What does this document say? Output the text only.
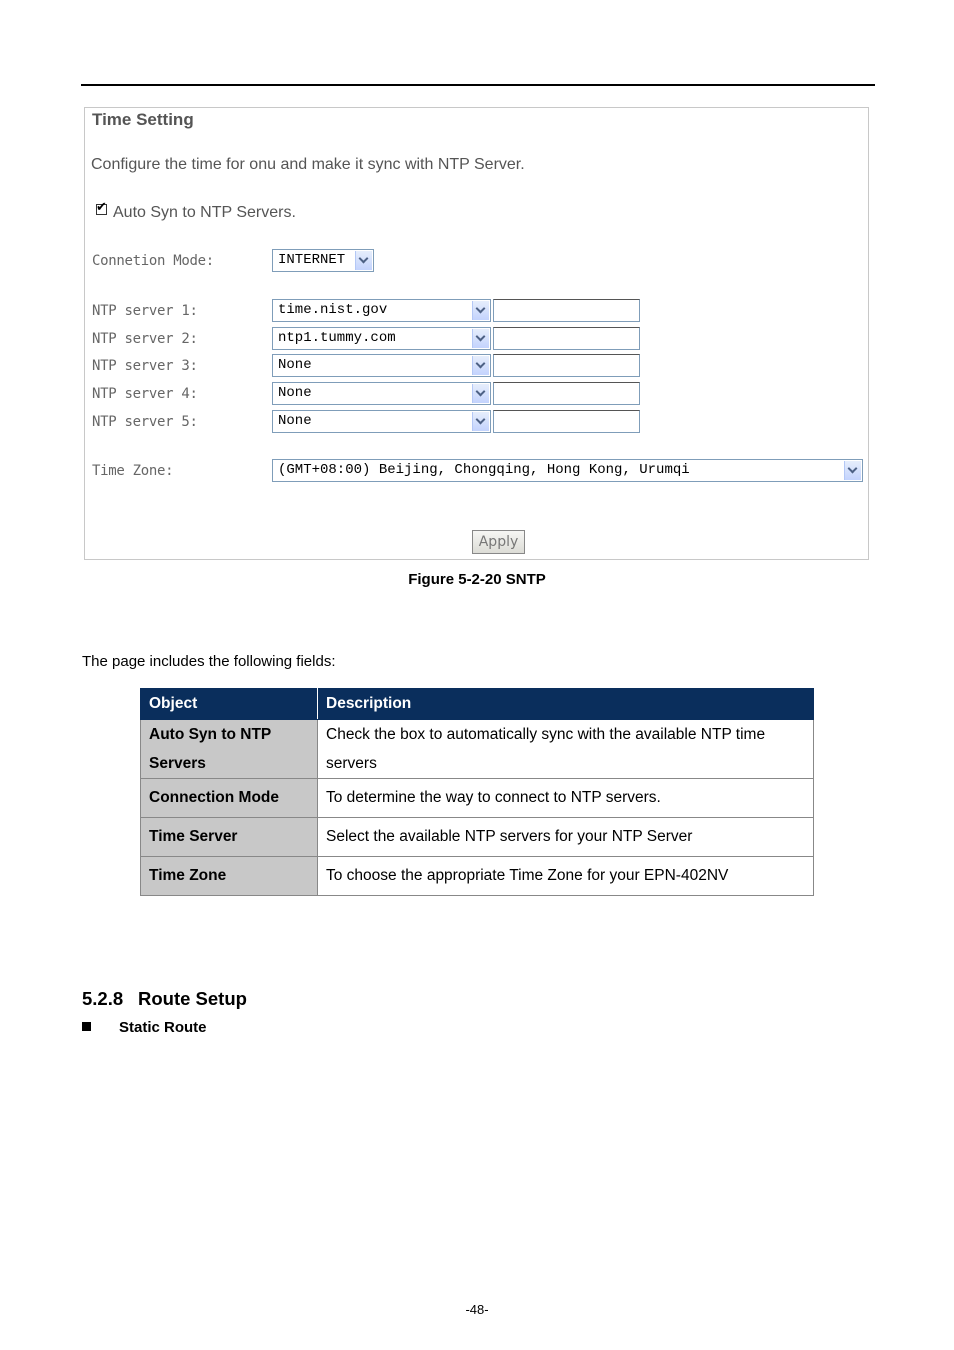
Time Setting
Configure the time for onu and make it sync with NTP Server.
✔Auto Syn to NTP Servers.
Connetion Mode:	INTERNET
NTP server 1:	time.nist.gov
NTP server 2:	ntp1.tummy.com
NTP server 3:	None
NTP server 4:	None
NTP server 5:	None
Time Zone:	(GMT+08:00) Beijing, Chongqing, Hong Kong, Urumqi
Apply
Figure 5-2-20 SNTP
The page includes the following fields:
Object	Description
Auto Syn to NTP Servers	Check the box to automatically sync with the available NTP time servers
Connection Mode	To determine the way to connect to NTP servers.
Time Server	Select the available NTP servers for your NTP Server
Time Zone	To choose the appropriate Time Zone for your EPN-402NV
5.2.8 Route Setup
Static Route
-48-
